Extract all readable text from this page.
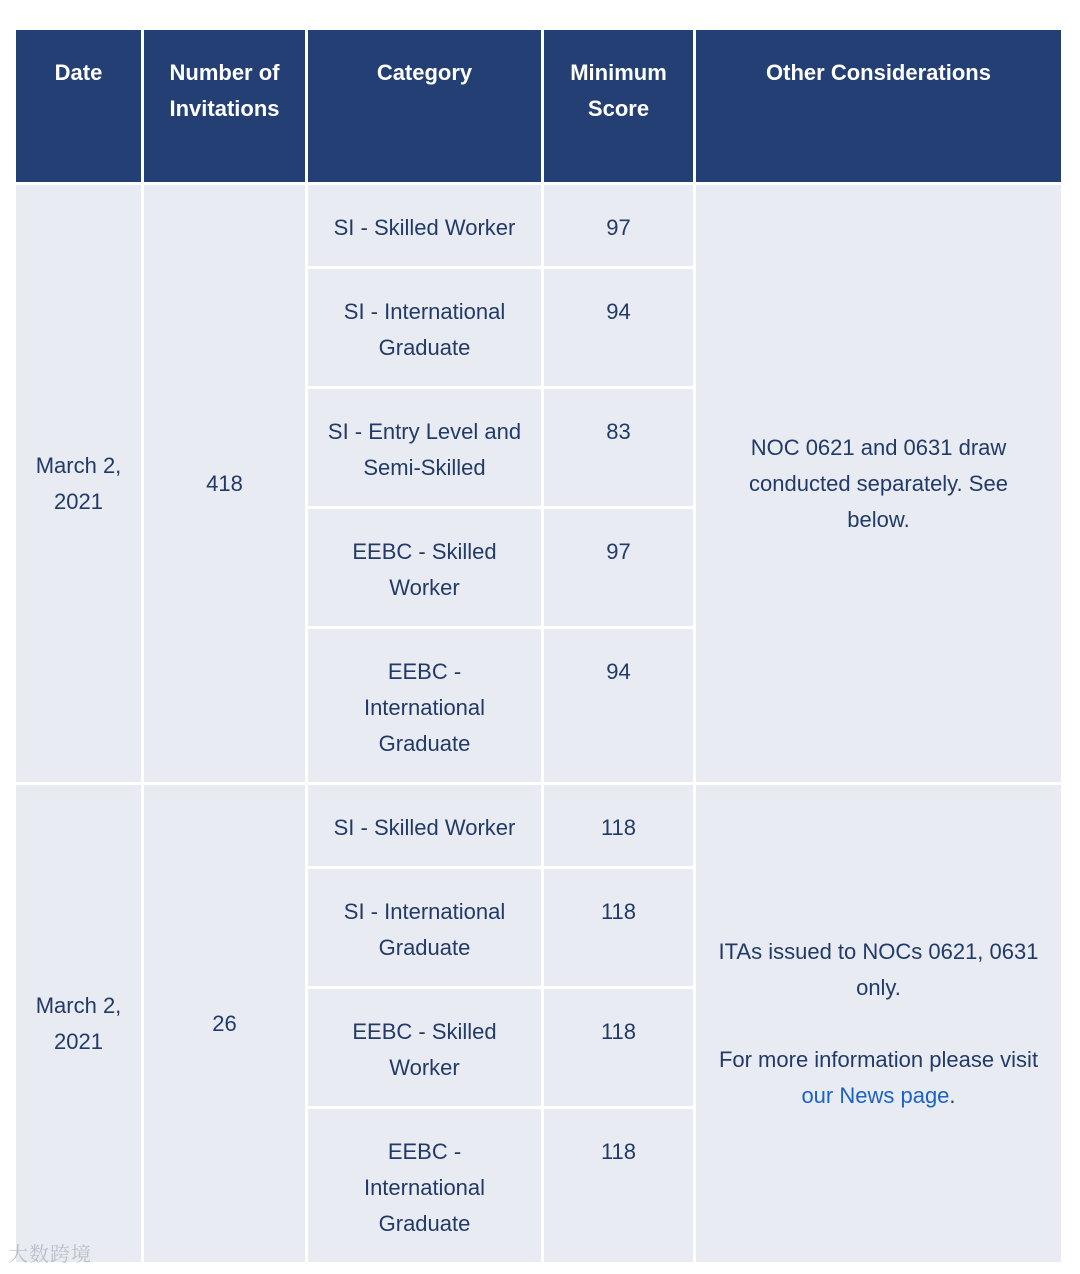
Date	Number of Invitations	Category	Minimum Score	Other Considerations
March 2, 2021	418	SI - Skilled Worker	97	NOC 0621 and 0631 draw conducted separately. See below.
		SI - International Graduate	94	
		SI - Entry Level and Semi-Skilled	83	
		EEBC - Skilled Worker	97	
		EEBC - International Graduate	94	
March 2, 2021	26	SI - Skilled Worker	118	ITAs issued to NOCs 0621, 0631 only.
For more information please visit our News page.
		SI - International Graduate	118	
		EEBC - Skilled Worker	118	
		EEBC - International Graduate	118	
大数跨境
